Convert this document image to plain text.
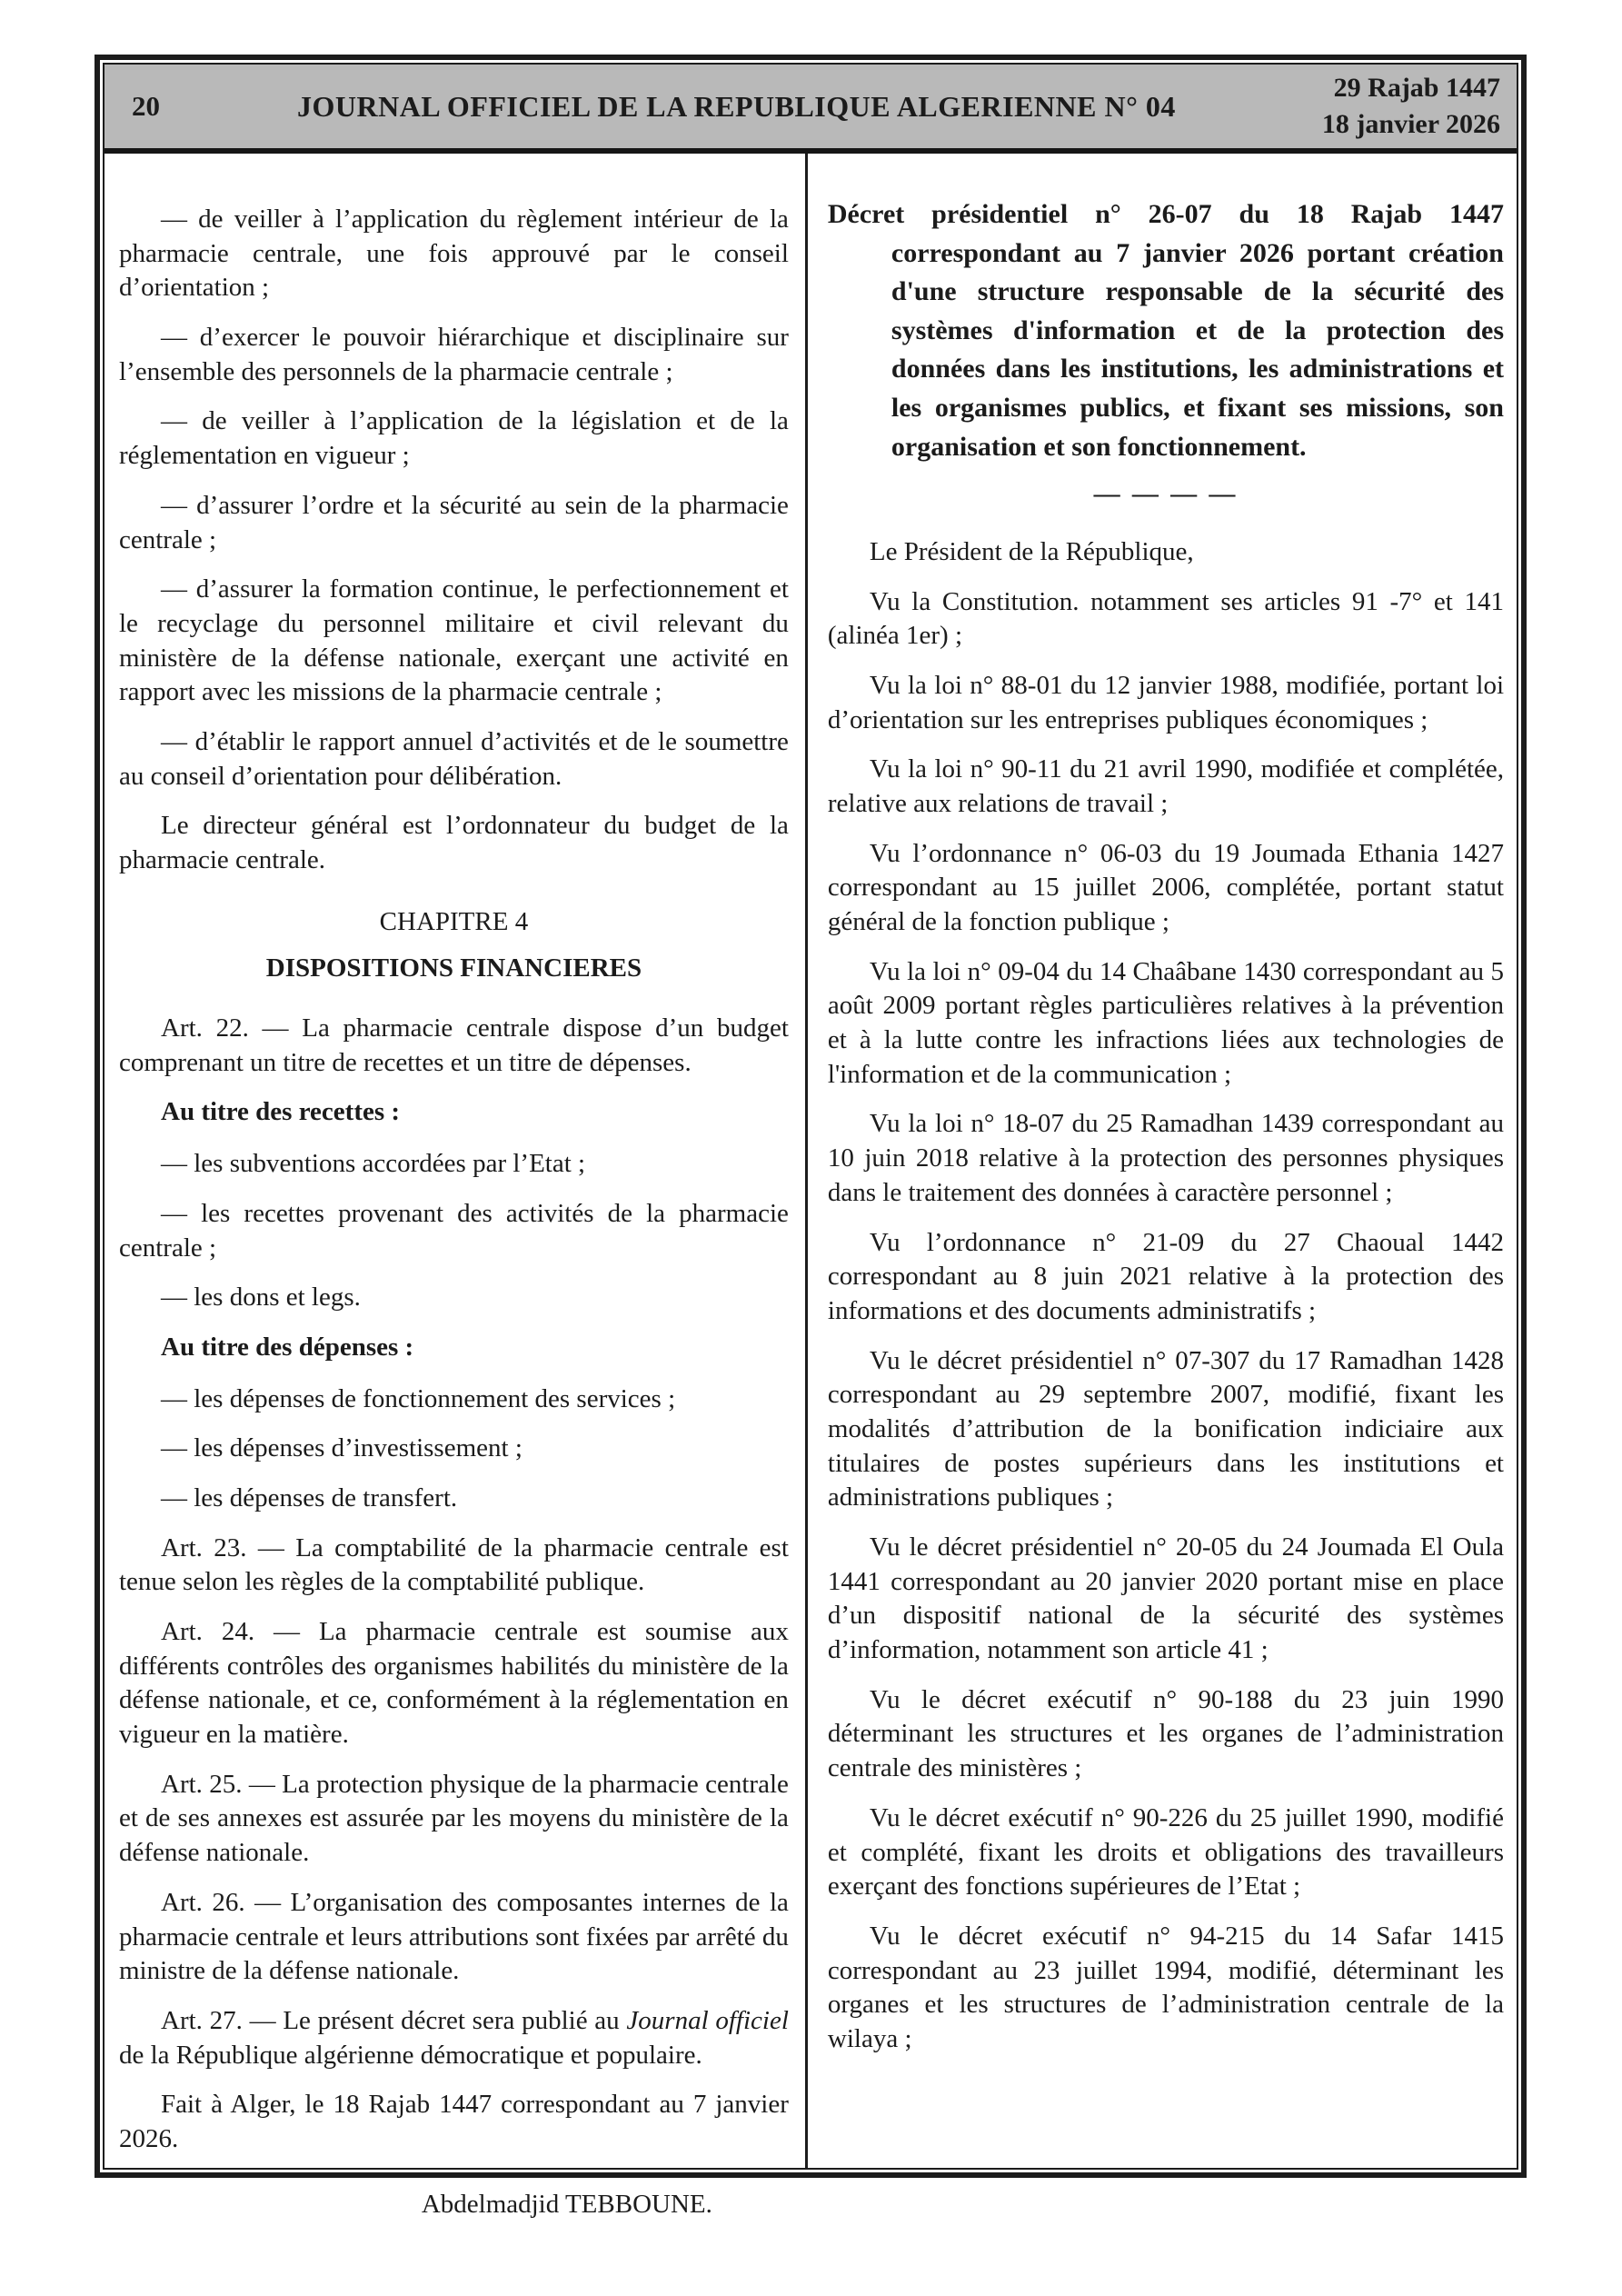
20	JOURNAL OFFICIEL DE LA REPUBLIQUE ALGERIENNE N° 04
29 Rajab 1447
18 janvier 2026

— de veiller à l’application du règlement intérieur de la pharmacie centrale, une fois approuvé par le conseil d’orientation ;

— d’exercer le pouvoir hiérarchique et disciplinaire sur l’ensemble des personnels de la pharmacie centrale ;

— de veiller à l’application de la législation et de la réglementation en vigueur ;

— d’assurer l’ordre et la sécurité au sein de la pharmacie centrale ;

— d’assurer la formation continue, le perfectionnement et le recyclage du personnel militaire et civil relevant du ministère de la défense nationale, exerçant une activité en rapport avec les missions de la pharmacie centrale ;

— d’établir le rapport annuel d’activités et de le soumettre au conseil d’orientation pour délibération.

Le directeur général est l’ordonnateur du budget de la pharmacie centrale.

CHAPITRE 4

DISPOSITIONS FINANCIERES

Art. 22. — La pharmacie centrale dispose d’un budget comprenant un titre de recettes et un titre de dépenses.

Au titre des recettes :

— les subventions accordées par l’Etat ;

— les recettes provenant des activités de la pharmacie centrale ;

— les dons et legs.

Au titre des dépenses :

— les dépenses de fonctionnement des services ;

— les dépenses d’investissement ;

— les dépenses de transfert.

Art. 23. — La comptabilité de la pharmacie centrale est tenue selon les règles de la comptabilité publique.

Art. 24. — La pharmacie centrale est soumise aux différents contrôles des organismes habilités du ministère de la défense nationale, et ce, conformément à la réglementation en vigueur en la matière.

Art. 25. — La protection physique de la pharmacie centrale et de ses annexes est assurée par les moyens du ministère de la défense nationale.

Art. 26. — L’organisation des composantes internes de la pharmacie centrale et leurs attributions sont fixées par arrêté du ministre de la défense nationale.

Art. 27. — Le présent décret sera publié au Journal officiel de la République algérienne démocratique et populaire.

Fait à Alger, le 18 Rajab 1447 correspondant au 7 janvier 2026.

Abdelmadjid TEBBOUNE.

Décret présidentiel n° 26-07 du 18 Rajab 1447 correspondant au 7 janvier 2026 portant création d'une structure responsable de la sécurité des systèmes d'information et de la protection des données dans les institutions, les administrations et les organismes publics, et fixant ses missions, son organisation et son fonctionnement.

— — — —

Le Président de la République,

Vu la Constitution. notamment ses articles 91 -7° et 141 (alinéa 1er) ;

Vu la loi n° 88-01 du 12 janvier 1988, modifiée, portant loi d’orientation sur les entreprises publiques économiques ;

Vu la loi n° 90-11 du 21 avril 1990, modifiée et complétée, relative aux relations de travail ;

Vu l’ordonnance n° 06-03 du 19 Joumada Ethania 1427 correspondant au 15 juillet 2006, complétée, portant statut général de la fonction publique ;

Vu la loi n° 09-04 du 14 Chaâbane 1430 correspondant au 5 août 2009 portant règles particulières relatives à la prévention et à la lutte contre les infractions liées aux technologies de l'information et de la communication ;

Vu la loi n° 18-07 du 25 Ramadhan 1439 correspondant au 10 juin 2018 relative à la protection des personnes physiques dans le traitement des données à caractère personnel ;

Vu l’ordonnance n° 21-09 du 27 Chaoual 1442 correspondant au 8 juin 2021 relative à la protection des informations et des documents administratifs ;

Vu le décret présidentiel n° 07-307 du 17 Ramadhan 1428 correspondant au 29 septembre 2007, modifié, fixant les modalités d’attribution de la bonification indiciaire aux titulaires de postes supérieurs dans les institutions et administrations publiques ;

Vu le décret présidentiel n° 20-05 du 24 Joumada El Oula 1441 correspondant au 20 janvier 2020 portant mise en place d’un dispositif national de la sécurité des systèmes d’information, notamment son article 41 ;

Vu le décret exécutif n° 90-188 du 23 juin 1990 déterminant les structures et les organes de l’administration centrale des ministères ;

Vu le décret exécutif n° 90-226 du 25 juillet 1990, modifié et complété, fixant les droits et obligations des travailleurs exerçant des fonctions supérieures de l’Etat ;

Vu le décret exécutif n° 94-215 du 14 Safar 1415 correspondant au 23 juillet 1994, modifié, déterminant les organes et les structures de l’administration centrale de la wilaya ;
